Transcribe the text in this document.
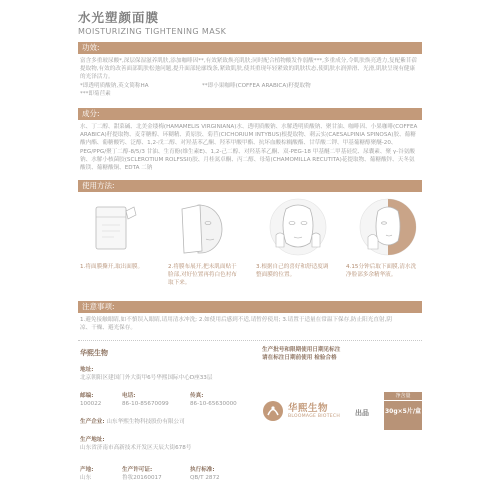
水光塑颜面膜
MOISTURIZING TIGHTENING MASK
功效:
富含多重玻尿酸*,深层保湿滋养肌肤,添加咖啡因**,有效紧致焕亮肌肤;同时配合植物酸发作弱酸***,多重成分,令肌肤焕亮透力,复配紫苜蓿提取物,有效的改善面部肌肤松弛问题,提升面部轮廓线条,紧致肌肤,使其重现年轻紧致的肌肤状态,使肌肤水润弹滑、光滑,肌肤呈现有健康的光泽活力。
*即透明质酸钠,英文简称HA	**即小果咖啡(COFFEA ARABICA)籽提取物
***即菊苣素
成分:
水、丁二醇、甜菜碱、北美金缕梅(HAMAMELIS VIRGINIANA)水、透明质酸钠、水解透明质酸钠、聚甘油、咖啡因、小果咖啡(COFFEA ARABICA)籽提取物、麦芽糖醇、环糊精、黄原胶、菊苣(CICHORIUM INTYBUS)根提取物、刺云实(CAESALPINIA SPINOSA)胶、葡糖酸内酯、葡糖酸钙、泛醇、1,2-戊二醇、对羟基苯乙酮、羟苯甲酸甲酯、抗坏血酸棕榈酸酯、甘草酸二钾、甲基葡糖醇聚醚-20、PEG/PPG/聚丁二醇-8/5/3 甘油、生育酚(维生素E)、1,2-己二醇、对羟基苯乙酮、双-PEG-18 甲基醚二甲基硅烷、尿囊素、聚 γ-谷氨酸钠、水解小核菌胶(SCLEROTIUM ROLFSSII)胶、月桂氮卓酮、丙二醇、母菊(CHAMOMILLA RECUTITA)花提取物、葡糖酸锌、天冬氨酸镁、葡糖酸铜、EDTA 二钠
使用方法:
1.将面膜撕开,取出面膜。	2.将膜布展开,把未肌面贴于脸部,对好位置再将白色衬布取下来。
3.根据自己的喜好和舒适度调整面膜的位置。
4.15分钟后取下面膜,清水洗净脸部多余精华液。
注意事项:
1.避免接触眼睛,如不慎误入眼睛,请用清水冲洗; 2.如使用后感到不适,请暂停使用; 3.请置于适量在常温下保存,防止阳光直射,阴
凉、干燥、避光保存。
华熙生物
地址:
北京朝阳区建国门外大街甲6号华熙国际中心D座33层
邮编:
100022
电话:
86-10-85670099
传真:
86-10-65630000
生产企业: 山东华熙生物科技股份有限公司
生产地址:
山东省济南市高新技术开发区天辰大街678号
产地:
山东
生产许可证:
鲁妆20160017
执行标准:
QB/T 2872
生产批号和限期使用日期见标注
请在标注日期前使用 检验合格
华熙生物
BLOOMAGE BIOTECH 出品
净含量
30g×5片/盒
